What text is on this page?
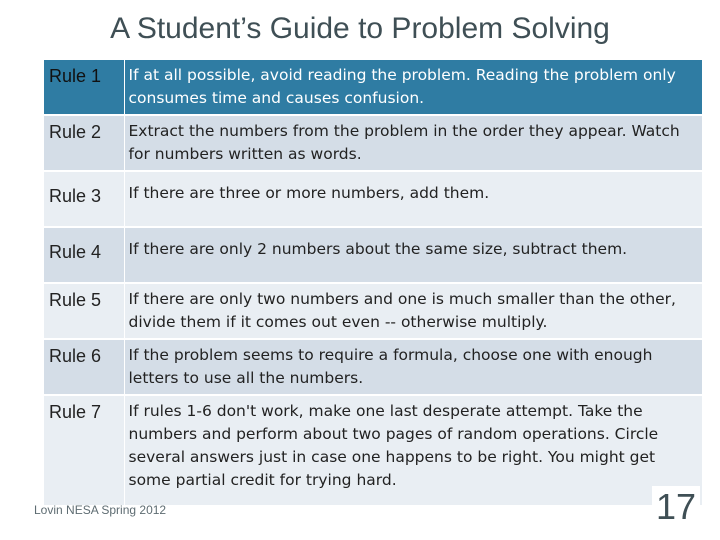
A Student’s Guide to Problem Solving
Rule 1	If at all possible, avoid reading the problem. Reading the problem only consumes time and causes confusion.
Rule 2	Extract the numbers from the problem in the order they appear. Watch for numbers written as words.
Rule 3	If there are three or more numbers, add them.
Rule 4	If there are only 2 numbers about the same size, subtract them.
Rule 5	If there are only two numbers and one is much smaller than the other, divide them if it comes out even -- otherwise multiply.
Rule 6	If the problem seems to require a formula, choose one with enough letters to use all the numbers.
Rule 7	If rules 1-6 don't work, make one last desperate attempt. Take the numbers and perform about two pages of random operations. Circle several answers just in case one happens to be right. You might get some partial credit for trying hard.
Lovin NESA Spring 2012	17
